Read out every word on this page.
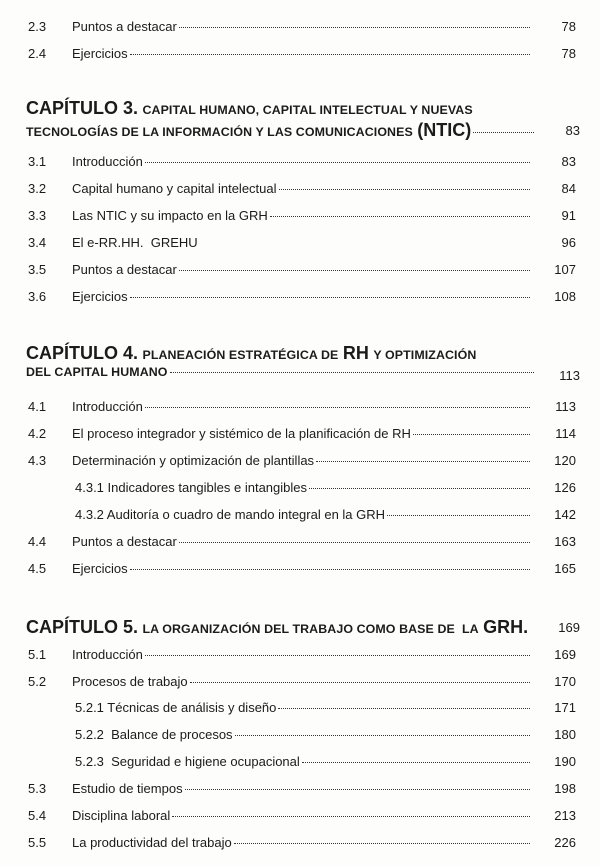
2.3 Puntos a destacar	78
2.4 Ejercicios	78
CAPÍTULO 3.
CAPITAL HUMANO, CAPITAL INTELECTUAL Y NUEVAS
TECNOLOGÍAS DE LA INFORMACIÓN Y LAS COMUNICACIONES
(NTIC)	83
3.1 Introducción	83
3.2 Capital humano y capital intelectual	84
3.3 Las NTIC y su impacto en la GRH	91
3.4 El e-RR.HH.  GREHU	96
3.5 Puntos a destacar	107
3.6 Ejercicios	108
CAPÍTULO 4.
PLANEACIÓN ESTRATÉGICA DE
RH
Y OPTIMIZACIÓN
DEL CAPITAL HUMANO	113
4.1 Introducción	113
4.2 El proceso integrador y sistémico de la planificación de RH	114
4.3 Determinación y optimización de plantillas	120
4.3.1 Indicadores tangibles e intangibles	126
4.3.2 Auditoría o cuadro de mando integral en la GRH	142
4.4 Puntos a destacar	163
4.5 Ejercicios	165
CAPÍTULO 5.
LA ORGANIZACIÓN DEL TRABAJO COMO BASE DE  LA
GRH. 169
5.1 Introducción	169
5.2 Procesos de trabajo	170
5.2.1 Técnicas de análisis y diseño	171
5.2.2  Balance de procesos	180
5.2.3  Seguridad e higiene ocupacional	190
5.3 Estudio de tiempos	198
5.4 Disciplina laboral	213
5.5 La productividad del trabajo	226
